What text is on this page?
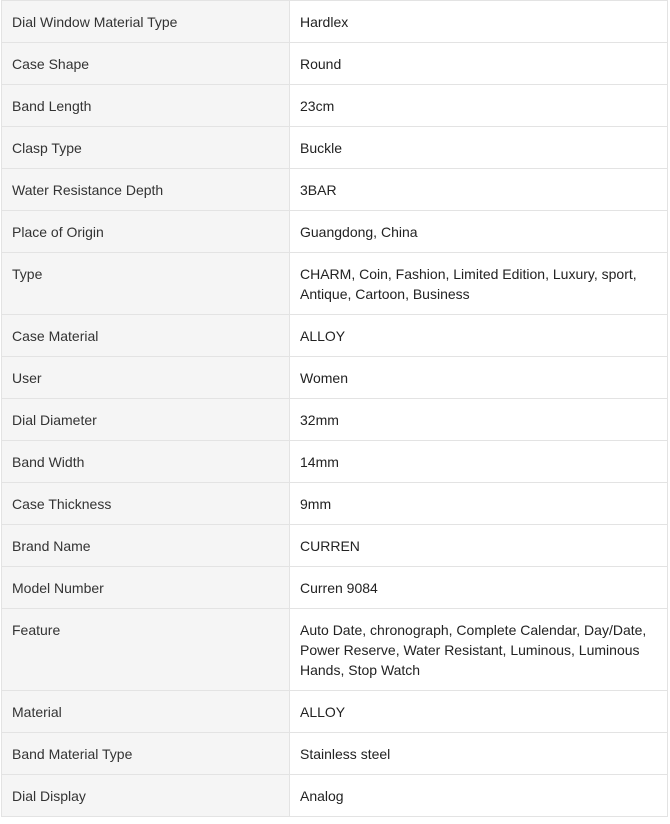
Dial Window Material Type	Hardlex
Case Shape	Round
Band Length	23cm
Clasp Type	Buckle
Water Resistance Depth	3BAR
Place of Origin	Guangdong, China
Type	CHARM, Coin, Fashion, Limited Edition, Luxury, sport, Antique, Cartoon, Business
Case Material	ALLOY
User	Women
Dial Diameter	32mm
Band Width	14mm
Case Thickness	9mm
Brand Name	CURREN
Model Number	Curren 9084
Feature	Auto Date, chronograph, Complete Calendar, Day/Date, Power Reserve, Water Resistant, Luminous, Luminous Hands, Stop Watch
Material	ALLOY
Band Material Type	Stainless steel
Dial Display	Analog
